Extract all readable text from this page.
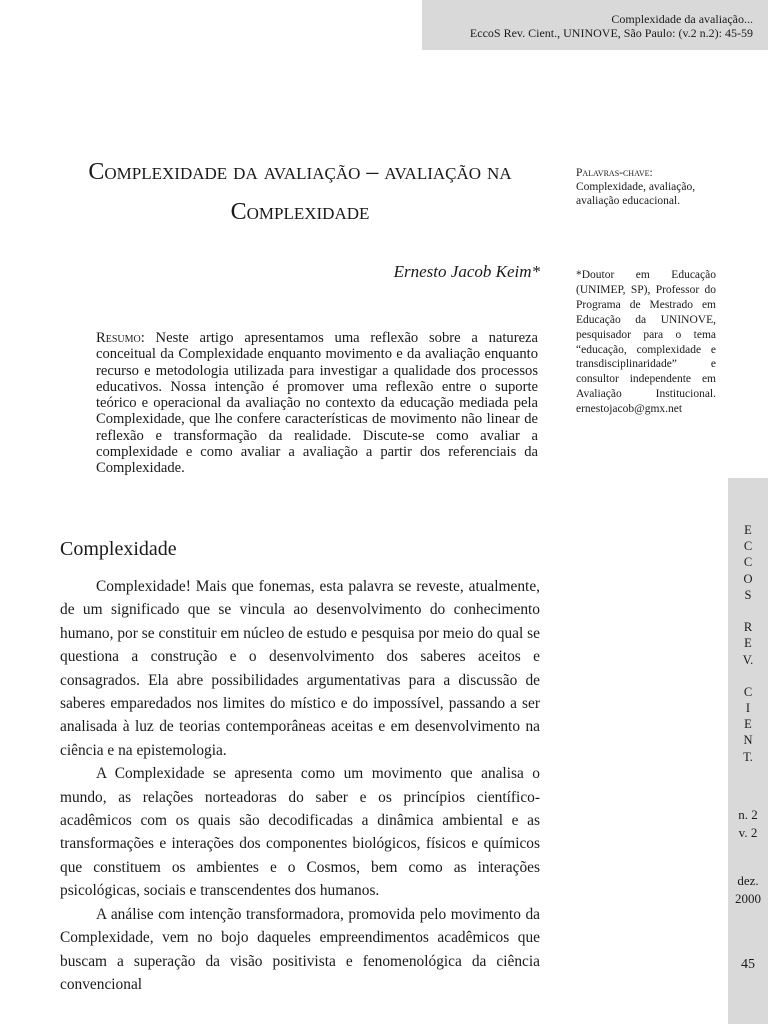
Complexidade da avaliação...
EccoS Rev. Cient., UNINOVE, São Paulo: (v.2 n.2): 45-59
Complexidade da avaliação – avaliação na
Complexidade

Ernesto Jacob Keim*

Resumo: Neste artigo apresentamos uma reflexão sobre a natureza conceitual da Complexidade enquanto movimento e da avaliação enquanto recurso e metodologia utilizada para investigar a qualidade dos processos educativos. Nossa intenção é promover uma reflexão entre o suporte teórico e operacional da avaliação no contexto da educação mediada pela Complexidade, que lhe confere características de movimento não linear de reflexão e transformação da realidade. Discute-se como avaliar a complexidade e como avaliar a avaliação a partir dos referenciais da Complexidade.

Palavras-chave: Complexidade, avaliação, avaliação educacional.

*Doutor em Educação (UNIMEP, SP), Professor do Programa de Mestrado em Educação da UNINOVE, pesquisador para o tema “educação, complexidade e transdisciplinaridade” e consultor independente em Avaliação Institucional. ernestojacob@gmx.net

Complexidade

Complexidade! Mais que fonemas, esta palavra se reveste, atualmente, de um significado que se vincula ao desenvolvimento do conhecimento humano, por se constituir em núcleo de estudo e pesquisa por meio do qual se questiona a construção e o desenvolvimento dos saberes aceitos e consagrados. Ela abre possibilidades argumentativas para a discussão de saberes emparedados nos limites do místico e do impossível, passando a ser analisada à luz de teorias contemporâneas aceitas e em desenvolvimento na ciência e na epistemologia.

A Complexidade se apresenta como um movimento que analisa o mundo, as relações norteadoras do saber e os princípios científico-acadêmicos com os quais são decodificadas a dinâmica ambiental e as transformações e interações dos componentes biológicos, físicos e químicos que constituem os ambientes e o Cosmos, bem como as interações psicológicas, sociais e transcendentes dos humanos.

A análise com intenção transformadora, promovida pelo movimento da Complexidade, vem no bojo daqueles empreendimentos acadêmicos que buscam a superação da visão positivista e fenomenológica da ciência convencional

E
C
C
O
S
R
E
V.
C
I
E
N
T.
n. 2
v. 2
dez.
2000
45
